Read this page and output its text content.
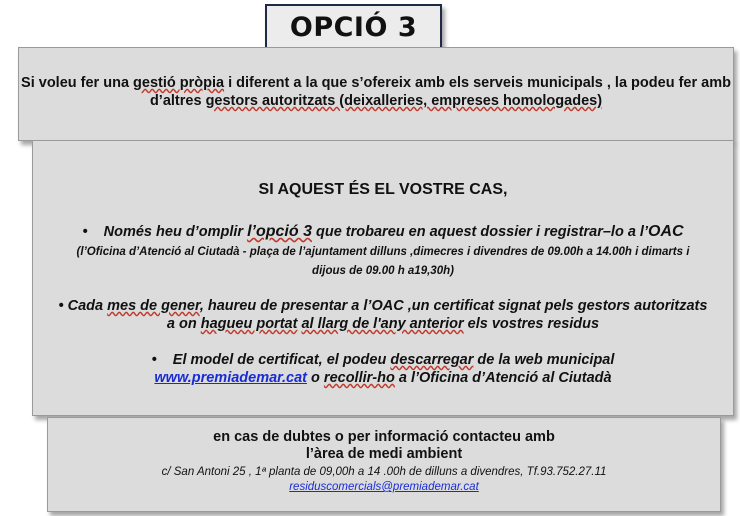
OPCIÓ 3

Si voleu fer una gestió pròpia i diferent a la que s’ofereix amb els serveis municipals , la podeu fer amb d’altres gestors autoritzats (deixalleries, empreses homologades)

SI AQUEST ÉS EL VOSTRE CAS,
• Només heu d’omplir l’opció 3 que trobareu en aquest dossier i registrar–lo a l’OAC (l’Oficina d’Atenció al Ciutadà - plaça de l’ajuntament dilluns ,dimecres i divendres de 09.00h a 14.00h i dimarts i dijous de 09.00 h a19,30h)
• Cada mes de gener, haureu de presentar a l’OAC ,un certificat signat pels gestors autoritzats a on hagueu portat al llarg de l'any anterior els vostres residus
• El model de certificat, el podeu descarregar de la web municipal
www.premiademar.cat o recollir-ho a l’Oficina d’Atenció al Ciutadà

en cas de dubtes o per informació contacteu amb

l’àrea de medi ambient

c/ San Antoni 25 , 1ª planta de 09,00h a 14 .00h de dilluns a divendres, Tf.93.752.27.11

residuscomercials@premiademar.cat
